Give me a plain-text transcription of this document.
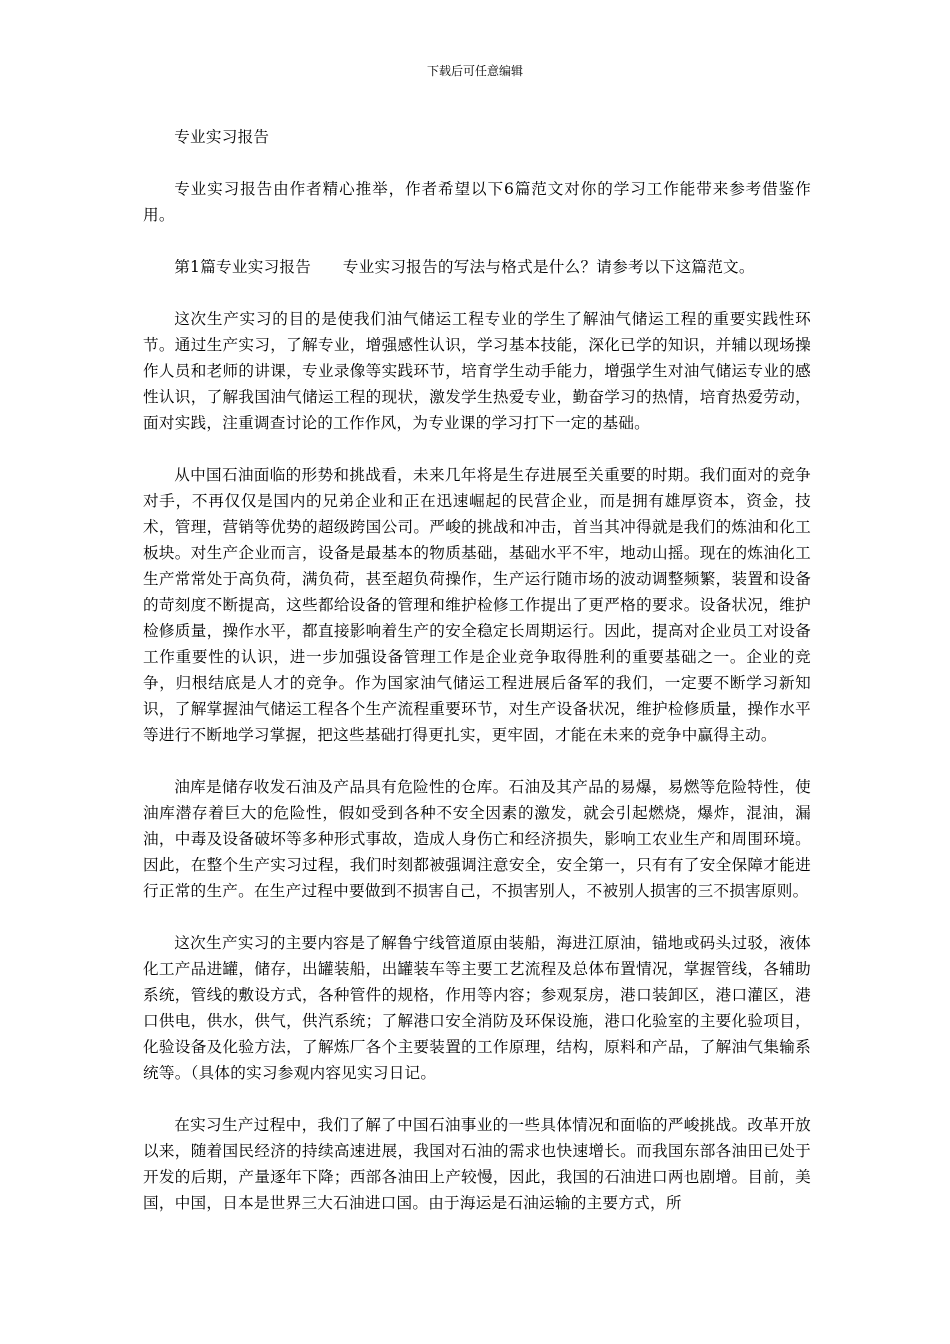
下载后可任意编辑

专业实习报告

专业实习报告由作者精心推举，作者希望以下6篇范文对你的学习工作能带来参考借鉴作用。

第1篇专业实习报告　　专业实习报告的写法与格式是什么？请参考以下这篇范文。

这次生产实习的目的是使我们油气储运工程专业的学生了解油气储运工程的重要实践性环节。通过生产实习，了解专业，增强感性认识，学习基本技能，深化已学的知识，并辅以现场操作人员和老师的讲课，专业录像等实践环节，培育学生动手能力，增强学生对油气储运专业的感性认识，了解我国油气储运工程的现状，激发学生热爱专业，勤奋学习的热情，培育热爱劳动，面对实践，注重调查讨论的工作作风，为专业课的学习打下一定的基础。

从中国石油面临的形势和挑战看，未来几年将是生存进展至关重要的时期。我们面对的竞争对手，不再仅仅是国内的兄弟企业和正在迅速崛起的民营企业，而是拥有雄厚资本，资金，技术，管理，营销等优势的超级跨国公司。严峻的挑战和冲击，首当其冲得就是我们的炼油和化工板块。对生产企业而言，设备是最基本的物质基础，基础水平不牢，地动山摇。现在的炼油化工生产常常处于高负荷，满负荷，甚至超负荷操作，生产运行随市场的波动调整频繁，装置和设备的苛刻度不断提高，这些都给设备的管理和维护检修工作提出了更严格的要求。设备状况，维护检修质量，操作水平，都直接影响着生产的安全稳定长周期运行。因此，提高对企业员工对设备工作重要性的认识，进一步加强设备管理工作是企业竞争取得胜利的重要基础之一。企业的竞争，归根结底是人才的竞争。作为国家油气储运工程进展后备军的我们，一定要不断学习新知识，了解掌握油气储运工程各个生产流程重要环节，对生产设备状况，维护检修质量，操作水平等进行不断地学习掌握，把这些基础打得更扎实，更牢固，才能在未来的竞争中赢得主动。

油库是储存收发石油及产品具有危险性的仓库。石油及其产品的易爆，易燃等危险特性，使油库潜存着巨大的危险性，假如受到各种不安全因素的激发，就会引起燃烧，爆炸，混油，漏油，中毒及设备破坏等多种形式事故，造成人身伤亡和经济损失，影响工农业生产和周围环境。因此，在整个生产实习过程，我们时刻都被强调注意安全，安全第一，只有有了安全保障才能进行正常的生产。在生产过程中要做到不损害自己，不损害别人，不被别人损害的三不损害原则。

这次生产实习的主要内容是了解鲁宁线管道原由装船，海进江原油，锚地或码头过驳，液体化工产品进罐，储存，出罐装船，出罐装车等主要工艺流程及总体布置情况，掌握管线，各辅助系统，管线的敷设方式，各种管件的规格，作用等内容；参观泵房，港口装卸区，港口灌区，港口供电，供水，供气，供汽系统；了解港口安全消防及环保设施，港口化验室的主要化验项目，化验设备及化验方法，了解炼厂各个主要装置的工作原理，结构，原料和产品，了解油气集输系统等。（具体的实习参观内容见实习日记。

在实习生产过程中，我们了解了中国石油事业的一些具体情况和面临的严峻挑战。改革开放以来，随着国民经济的持续高速进展，我国对石油的需求也快速增长。而我国东部各油田已处于开发的后期，产量逐年下降；西部各油田上产较慢，因此，我国的石油进口两也剧增。目前，美国，中国，日本是世界三大石油进口国。由于海运是石油运输的主要方式，所
